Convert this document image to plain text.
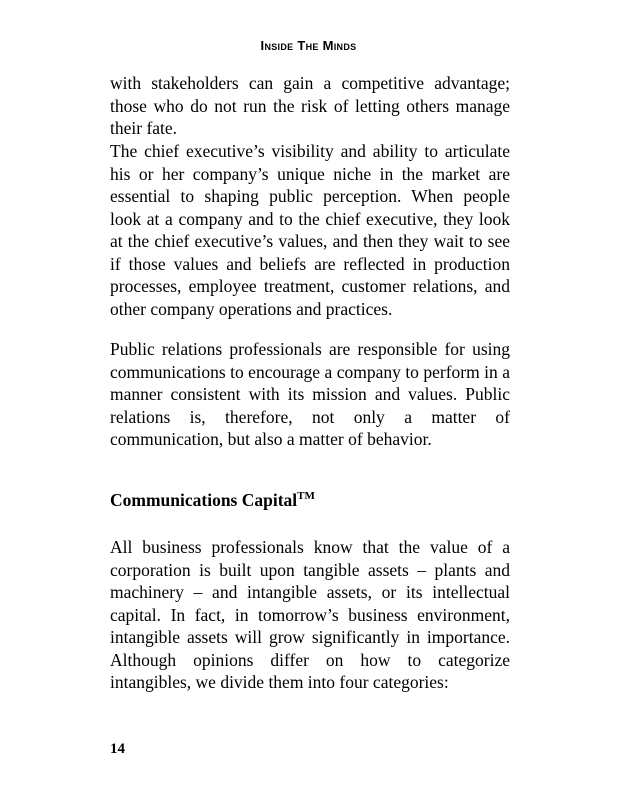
Inside The Minds

with stakeholders can gain a competitive advantage; those who do not run the risk of letting others manage their fate.

The chief executive’s visibility and ability to articulate his or her company’s unique niche in the market are essential to shaping public perception. When people look at a company and to the chief executive, they look at the chief executive’s values, and then they wait to see if those values and beliefs are reflected in production processes, employee treatment, customer relations, and other company operations and practices.

Public relations professionals are responsible for using communications to encourage a company to perform in a manner consistent with its mission and values. Public relations is, therefore, not only a matter of communication, but also a matter of behavior.

Communications Capital™

All business professionals know that the value of a corporation is built upon tangible assets – plants and machinery – and intangible assets, or its intellectual capital. In fact, in tomorrow’s business environment, intangible assets will grow significantly in importance. Although opinions differ on how to categorize intangibles, we divide them into four categories:

14
